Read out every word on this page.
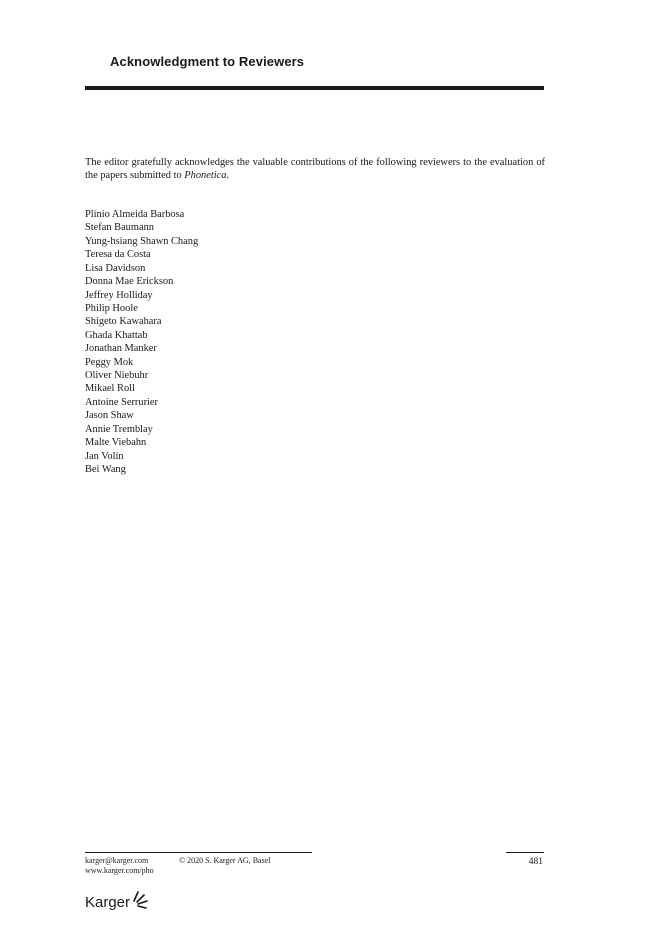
Acknowledgment to Reviewers

The editor gratefully acknowledges the valuable contributions of the following reviewers to the evaluation of the papers submitted to Phonetica.

Plinio Almeida Barbosa
Stefan Baumann
Yung-hsiang Shawn Chang
Teresa da Costa
Lisa Davidson
Donna Mae Erickson
Jeffrey Holliday
Philip Hoole
Shigeto Kawahara
Ghada Khattab
Jonathan Manker
Peggy Mok
Oliver Niebuhr
Mikael Roll
Antoine Serrurier
Jason Shaw
Annie Tremblay
Malte Viebahn
Jan Volín
Bei Wang
karger@karger.com
www.karger.com/pho
© 2020 S. Karger AG, Basel	481
Karger
